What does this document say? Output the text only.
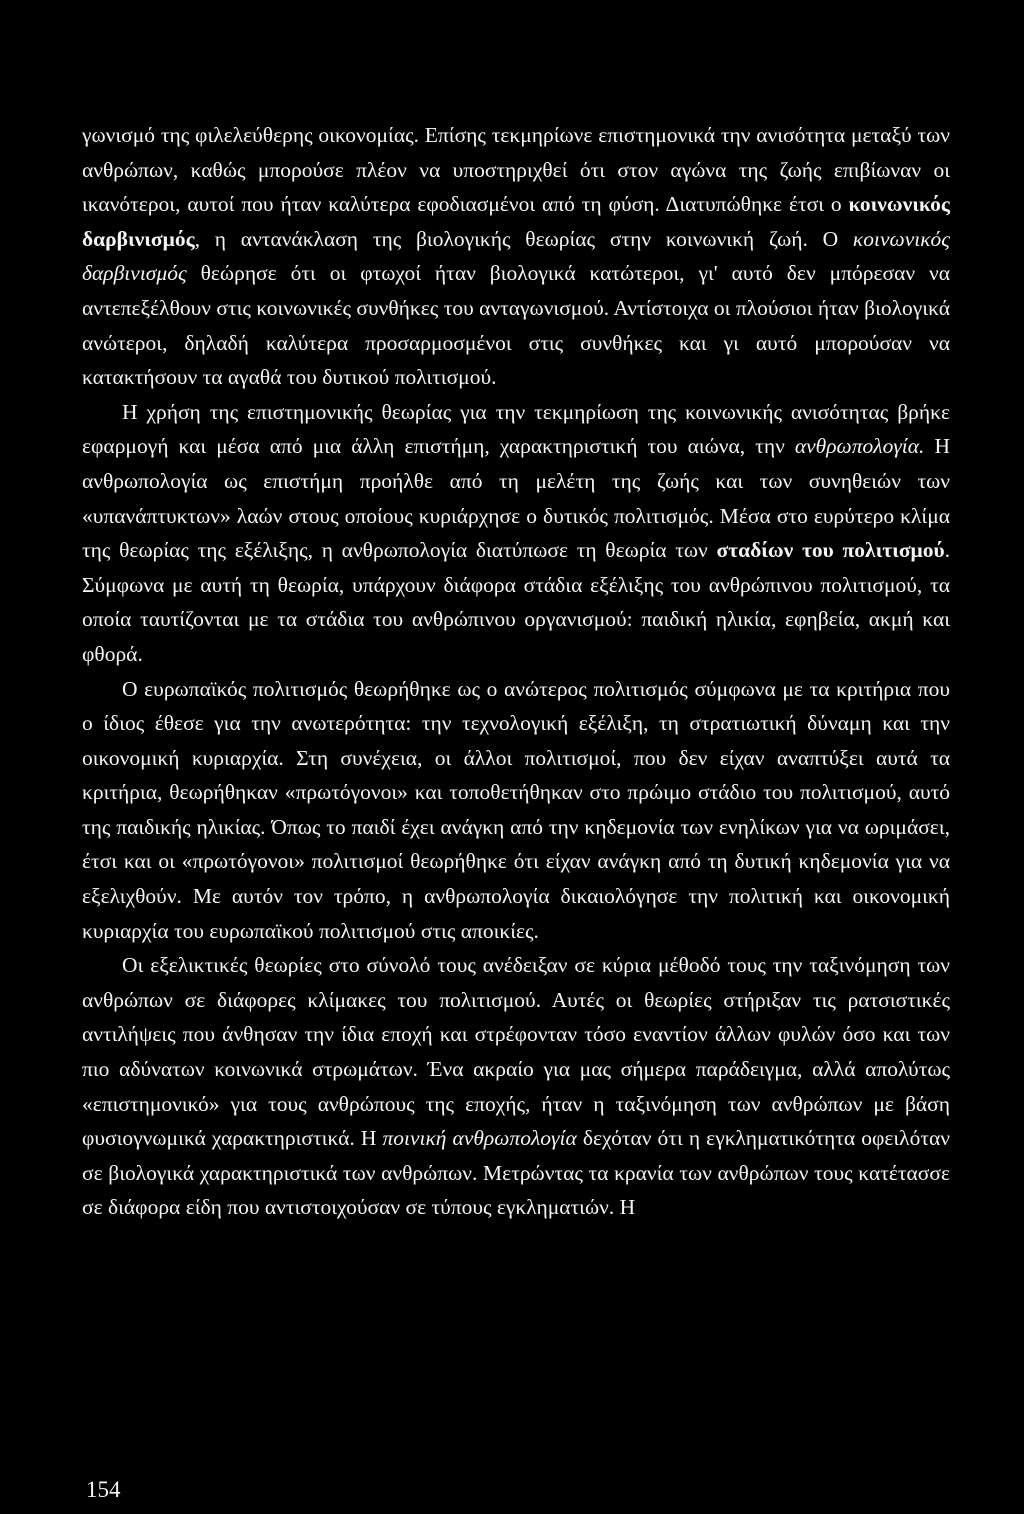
γωνισμό της φιλελεύθερης οικονομίας. Επίσης τεκμηρίωνε επιστημονικά την ανισότητα μεταξύ των ανθρώπων, καθώς μπορούσε πλέον να υποστηριχθεί ότι στον αγώνα της ζωής επιβίωναν οι ικανότεροι, αυτοί που ήταν καλύτερα εφοδιασμένοι από τη φύση. Διατυπώθηκε έτσι ο κοινωνικός δαρβινισμός, η αντανάκλαση της βιολογικής θεωρίας στην κοινωνική ζωή. Ο κοινωνικός δαρβινισμός θεώρησε ότι οι φτωχοί ήταν βιολογικά κατώτεροι, γι' αυτό δεν μπόρεσαν να αντεπεξέλθουν στις κοινωνικές συνθήκες του ανταγωνισμού. Αντίστοιχα οι πλούσιοι ήταν βιολογικά ανώτεροι, δηλαδή καλύτερα προσαρμοσμένοι στις συνθήκες και γι αυτό μπορούσαν να κατακτήσουν τα αγαθά του δυτικού πολιτισμού.

Η χρήση της επιστημονικής θεωρίας για την τεκμηρίωση της κοινωνικής ανισότητας βρήκε εφαρμογή και μέσα από μια άλλη επιστήμη, χαρακτηριστική του αιώνα, την ανθρωπολογία. Η ανθρωπολογία ως επιστήμη προήλθε από τη μελέτη της ζωής και των συνηθειών των «υπανάπτυκτων» λαών στους οποίους κυριάρχησε ο δυτικός πολιτισμός. Μέσα στο ευρύτερο κλίμα της θεωρίας της εξέλιξης, η ανθρωπολογία διατύπωσε τη θεωρία των σταδίων του πολιτισμού. Σύμφωνα με αυτή τη θεωρία, υπάρχουν διάφορα στάδια εξέλιξης του ανθρώπινου πολιτισμού, τα οποία ταυτίζονται με τα στάδια του ανθρώπινου οργανισμού: παιδική ηλικία, εφηβεία, ακμή και φθορά.

Ο ευρωπαϊκός πολιτισμός θεωρήθηκε ως ο ανώτερος πολιτισμός σύμφωνα με τα κριτήρια που ο ίδιος έθεσε για την ανωτερότητα: την τεχνολογική εξέλιξη, τη στρατιωτική δύναμη και την οικονομική κυριαρχία. Στη συνέχεια, οι άλλοι πολιτισμοί, που δεν είχαν αναπτύξει αυτά τα κριτήρια, θεωρήθηκαν «πρωτόγονοι» και τοποθετήθηκαν στο πρώιμο στάδιο του πολιτισμού, αυτό της παιδικής ηλικίας. Όπως το παιδί έχει ανάγκη από την κηδεμονία των ενηλίκων για να ωριμάσει, έτσι και οι «πρωτόγονοι» πολιτισμοί θεωρήθηκε ότι είχαν ανάγκη από τη δυτική κηδεμονία για να εξελιχθούν. Με αυτόν τον τρόπο, η ανθρωπολογία δικαιολόγησε την πολιτική και οικονομική κυριαρχία του ευρωπαϊκού πολιτισμού στις αποικίες.

Οι εξελικτικές θεωρίες στο σύνολό τους ανέδειξαν σε κύρια μέθοδό τους την ταξινόμηση των ανθρώπων σε διάφορες κλίμακες του πολιτισμού. Αυτές οι θεωρίες στήριξαν τις ρατσιστικές αντιλήψεις που άνθησαν την ίδια εποχή και στρέφονταν τόσο εναντίον άλλων φυλών όσο και των πιο αδύνατων κοινωνικά στρωμάτων. Ένα ακραίο για μας σήμερα παράδειγμα, αλλά απολύτως «επιστημονικό» για τους ανθρώπους της εποχής, ήταν η ταξινόμηση των ανθρώπων με βάση φυσιογνωμικά χαρακτηριστικά. Η ποινική ανθρωπολογία δεχόταν ότι η εγκληματικότητα οφειλόταν σε βιολογικά χαρακτηριστικά των ανθρώπων. Μετρώντας τα κρανία των ανθρώπων τους κατέτασσε σε διάφορα είδη που αντιστοιχούσαν σε τύπους εγκληματιών. Η

154
